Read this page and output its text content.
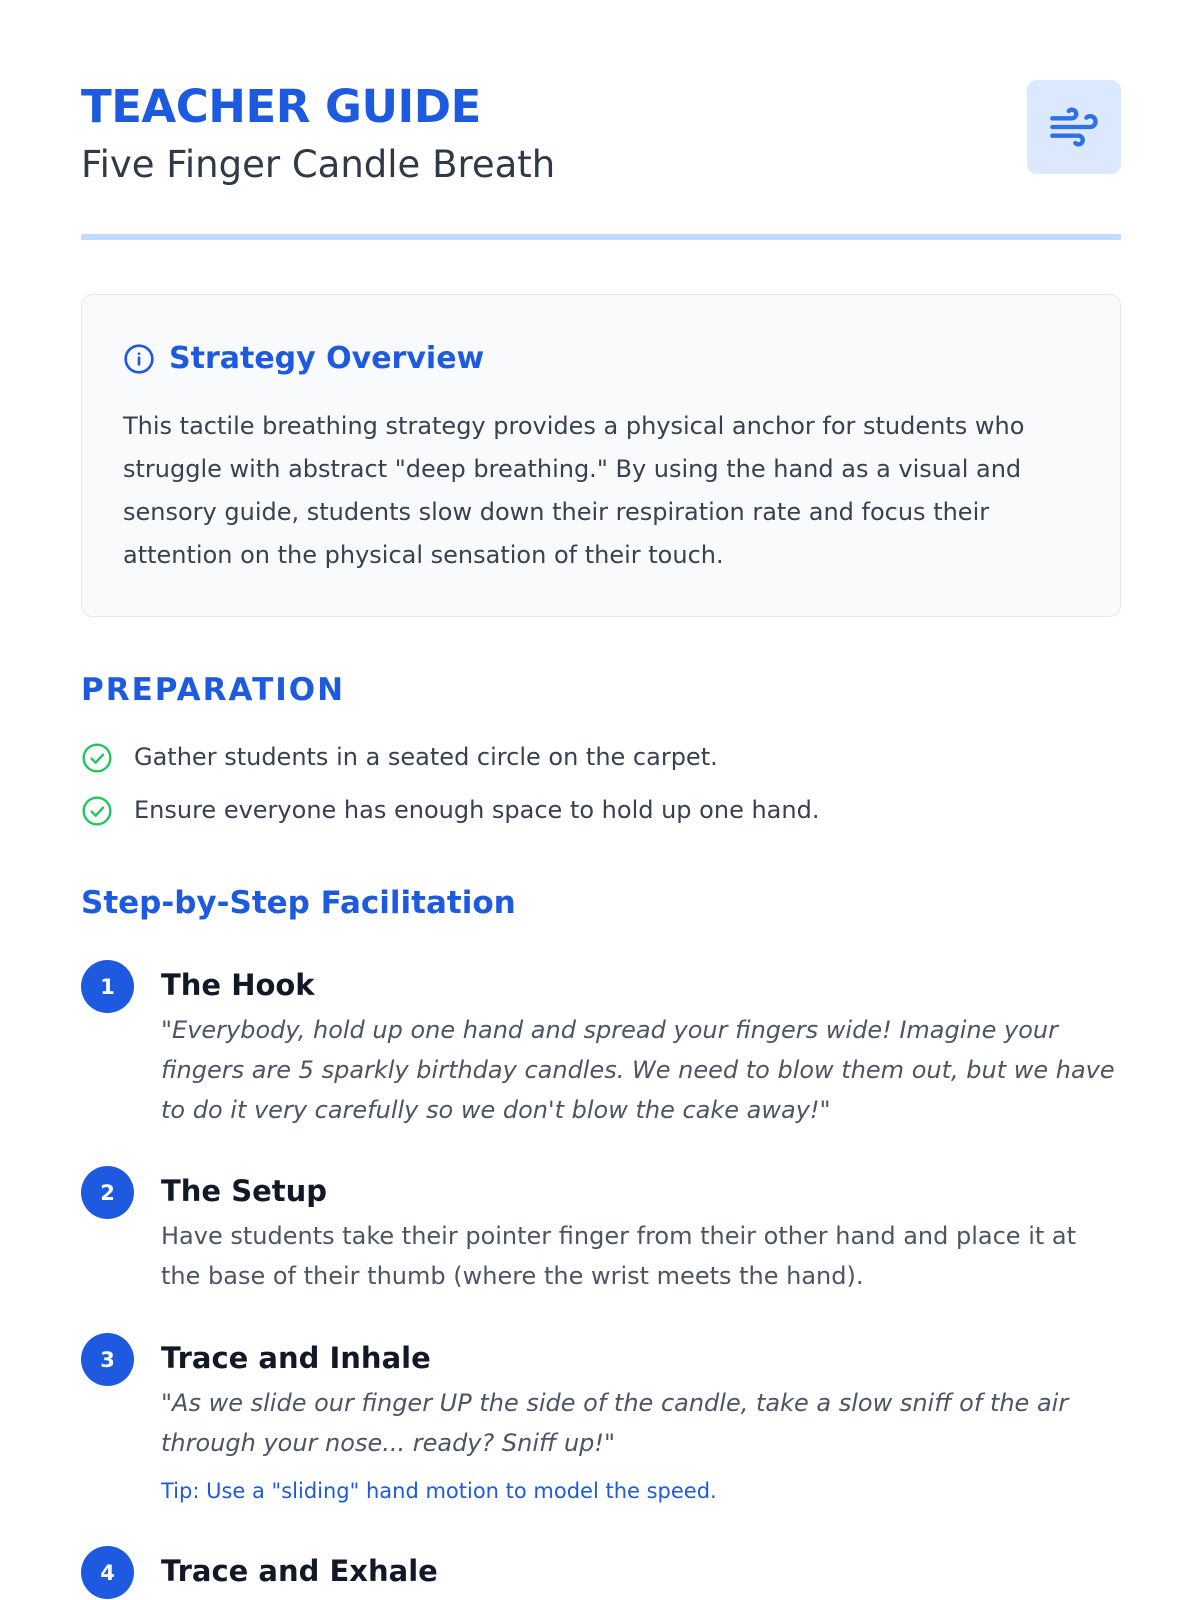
TEACHER GUIDE
Five Finger Candle Breath
Strategy Overview

This tactile breathing strategy provides a physical anchor for students who struggle with abstract "deep breathing." By using the hand as a visual and sensory guide, students slow down their respiration rate and focus their attention on the physical sensation of their touch.

PREPARATION
Gather students in a seated circle on the carpet.
Ensure everyone has enough space to hold up one hand.
Step-by-Step Facilitation
1	The Hook
"Everybody, hold up one hand and spread your fingers wide! Imagine your fingers are 5 sparkly birthday candles. We need to blow them out, but we have to do it very carefully so we don't blow the cake away!"
2	The Setup
Have students take their pointer finger from their other hand and place it at the base of their thumb (where the wrist meets the hand).
3	Trace and Inhale
"As we slide our finger UP the side of the candle, take a slow sniff of the air through your nose... ready? Sniff up!"
Tip: Use a "sliding" hand motion to model the speed.
4	Trace and Exhale
